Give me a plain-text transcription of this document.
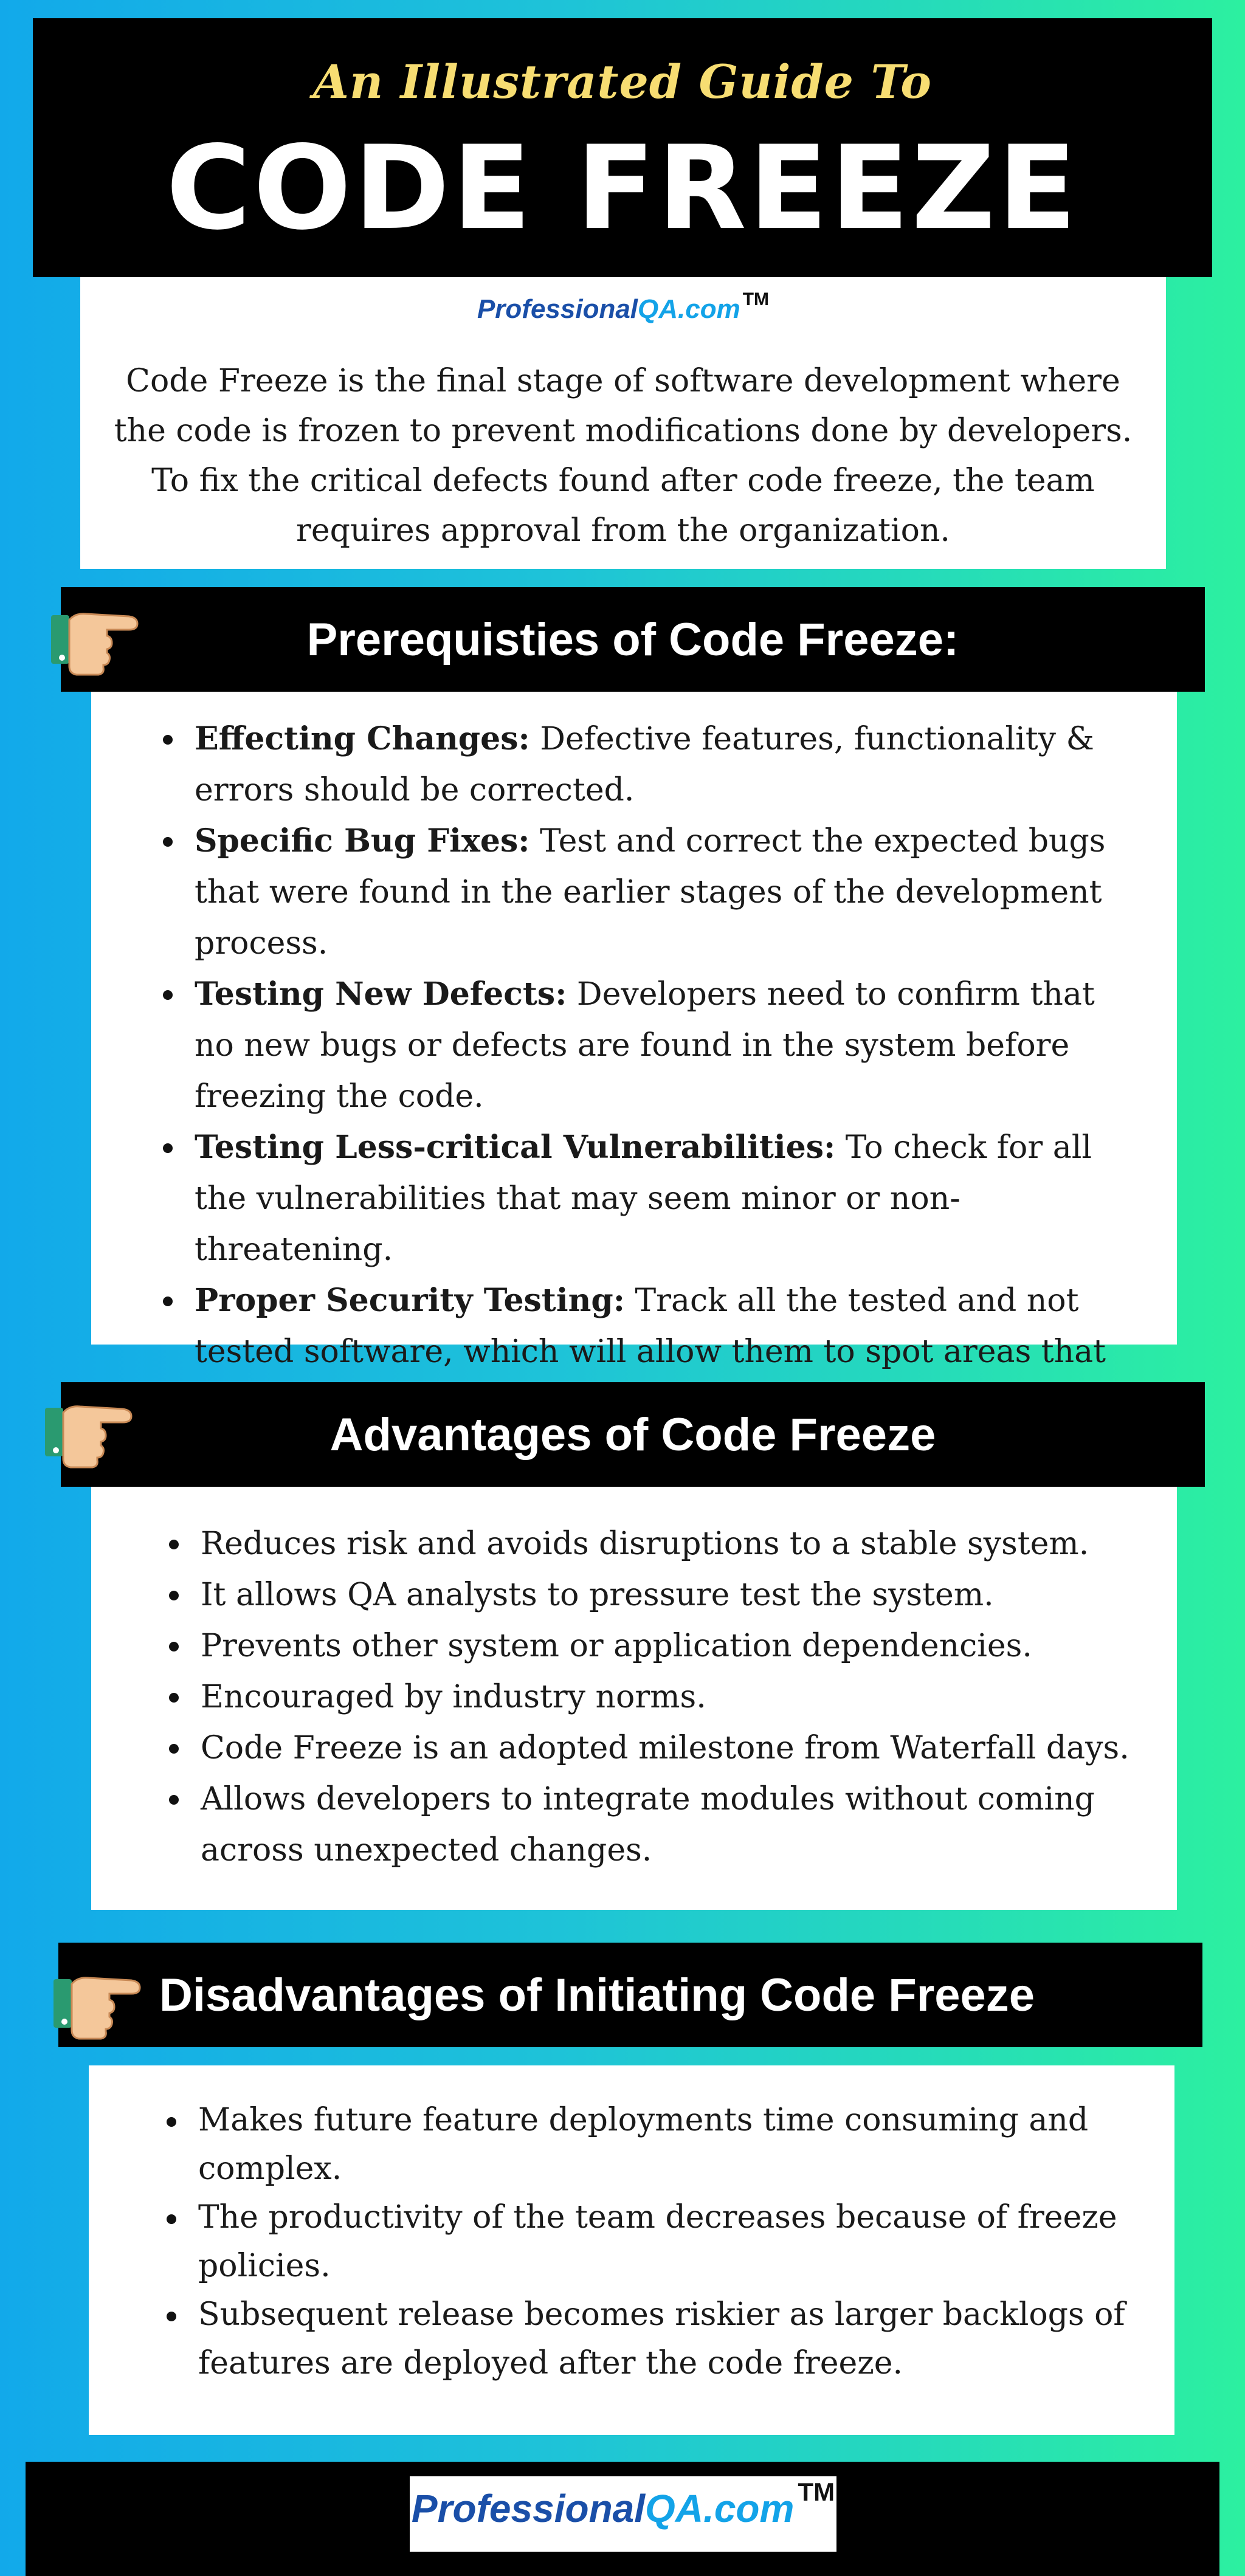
An Illustrated Guide To
CODE FREEZE
Professional QA.com TM
Code Freeze is the final stage of software development where the code is frozen to prevent modifications done by developers. To fix the critical defects found after code freeze, the team requires approval from the organization.
Prerequisties of Code Freeze:
Effecting Changes: Defective features, functionality & errors should be corrected.
Specific Bug Fixes: Test and correct the expected bugs that were found in the earlier stages of the development process.
Testing New Defects: Developers need to confirm that no new bugs or defects are found in the system before freezing the code.
Testing Less-critical Vulnerabilities: To check for all the vulnerabilities that may seem minor or non-threatening.
Proper Security Testing: Track all the tested and not tested software, which will allow them to spot areas that
Advantages of Code Freeze
Reduces risk and avoids disruptions to a stable system.
It allows QA analysts to pressure test the system.
Prevents other system or application dependencies.
Encouraged by industry norms.
Code Freeze is an adopted milestone from Waterfall days.
Allows developers to integrate modules without coming across unexpected changes.
Disadvantages of Initiating Code Freeze
Makes future feature deployments time consuming and complex.
The productivity of the team decreases because of freeze policies.
Subsequent release becomes riskier as larger backlogs of features are deployed after the code freeze.
Professional QA.com TM
